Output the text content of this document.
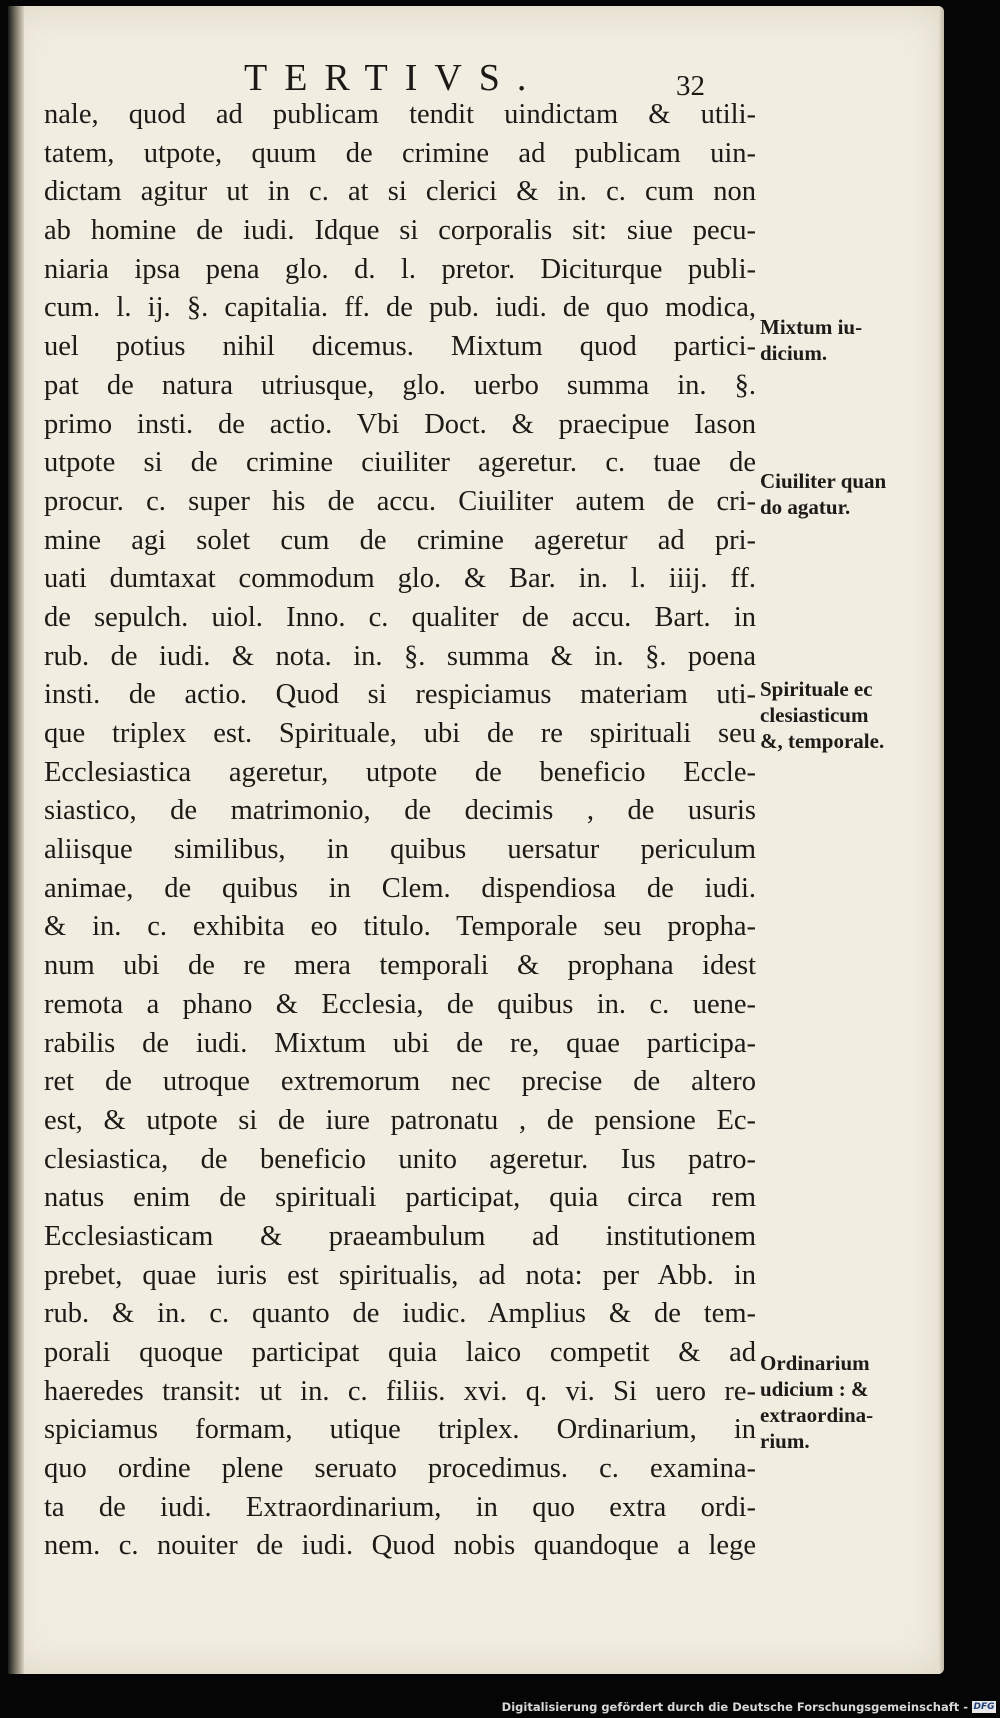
TERTIVS.	32
nale, quod ad publicam tendit uindictam & utili-
tatem, utpote, quum de crimine ad publicam uin-
dictam agitur ut in c. at si clerici & in. c. cum non
ab homine de iudi. Idque si corporalis sit: siue pecu-
niaria ipsa pena glo. d. l. pretor. Diciturque publi-
cum. l. ij. §. capitalia. ff. de pub. iudi. de quo modica,
uel potius nihil dicemus. Mixtum quod partici-
pat de natura utriusque, glo. uerbo summa in. §.
primo insti. de actio. Vbi Doct. & praecipue Iason
utpote si de crimine ciuiliter ageretur. c. tuae de
procur. c. super his de accu. Ciuiliter autem de cri-
mine agi solet cum de crimine ageretur ad pri-
uati dumtaxat commodum glo. & Bar. in. l. iiij. ff.
de sepulch. uiol. Inno. c. qualiter de accu. Bart. in
rub. de iudi. & nota. in. §. summa & in. §. poena
insti. de actio. Quod si respiciamus materiam uti-
que triplex est. Spirituale, ubi de re spirituali seu
Ecclesiastica ageretur, utpote de beneficio Eccle-
siastico, de matrimonio, de decimis , de usuris
aliisque similibus, in quibus uersatur periculum
animae, de quibus in Clem. dispendiosa de iudi.
& in. c. exhibita eo titulo. Temporale seu propha-
num ubi de re mera temporali & prophana idest
remota a phano & Ecclesia, de quibus in. c. uene-
rabilis de iudi. Mixtum ubi de re, quae participa-
ret de utroque extremorum nec precise de altero
est, & utpote si de iure patronatu , de pensione Ec-
clesiastica, de beneficio unito ageretur. Ius patro-
natus enim de spirituali participat, quia circa rem
Ecclesiasticam & praeambulum ad institutionem
prebet, quae iuris est spiritualis, ad nota: per Abb. in
rub. & in. c. quanto de iudic. Amplius & de tem-
porali quoque participat quia laico competit & ad
haeredes transit: ut in. c. filiis. xvi. q. vi. Si uero re-
spiciamus formam, utique triplex. Ordinarium, in
quo ordine plene seruato procedimus. c. examina-
ta de iudi. Extraordinarium, in quo extra ordi-
nem. c. nouiter de iudi. Quod nobis quandoque a lege
Mixtum iu-
dicium.
Ciuiliter quan
do agatur.
Spirituale ec
clesiasticum
&, temporale.
Ordinarium
udicium : &
extraordina-
rium.
Digitalisierung gefördert durch die Deutsche Forschungsgemeinschaft - DFG
